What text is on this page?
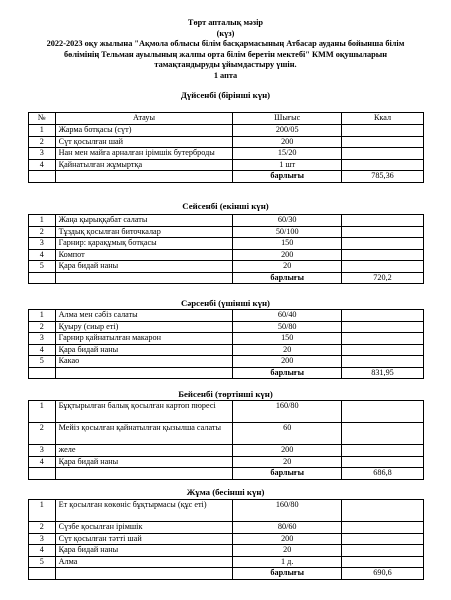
Төрт апталық мәзір
(күз)
2022-2023 оқу жылына "Ақмола облысы білім басқармасының Атбасар ауданы бойынша білім
бөлімінің Тельман ауылының жалпы орта білім беретін мектебі" КММ оқушыларын
тамақтандыруды ұйымдастыру үшін.
1 апта
Дүйсенбі (бірінші күн)
№	Атауы	Шығыс	Ккал
1	Жарма ботқасы (сүт)	200/05	
2	Сүт қосылған шай	200	
3	Нан мен майға арналған ірімшік бутерброды	15/20	
4	Қайнатылған жұмыртқа	1 шт	
		барлығы	785,36
Сейсенбі (екінші күн)
1	Жаңа қырыққабат салаты	60/30	
2	Тұздық қосылған биточкалар	50/100	
3	Гарнир: қарақұмық ботқасы	150	
4	Компот	200	
5	Қара бидай наны	20	
		барлығы	720,2
Сәрсенбі (үшінші күн)
1	Алма мен сәбіз салаты	60/40	
2	Қуыру (сиыр еті)	50/80	
3	Гарнир қайнатылған макарон	150	
4	Қара бидай наны	20	
5	Какао	200	
		барлығы	831,95
Бейсенбі (төртінші күн)
1	Бұқтырылған балық қосылған картоп пюресі	160/80	
2	Мейіз қосылған қайнатылған қызылша салаты	60	
3	желе	200	
4	Қара бидай наны	20	
		барлығы	686,8
Жұма (бесінші күн)
1	Ет қосылған көкөніс бұқтырмасы (құс еті)	160/80	
2	Сүзбе қосылған ірімшік	80/60	
3	Сүт қосылған тәтті шай	200	
4	Қара бидай наны	20	
5	Алма	1 д.	
		барлығы	690,6
